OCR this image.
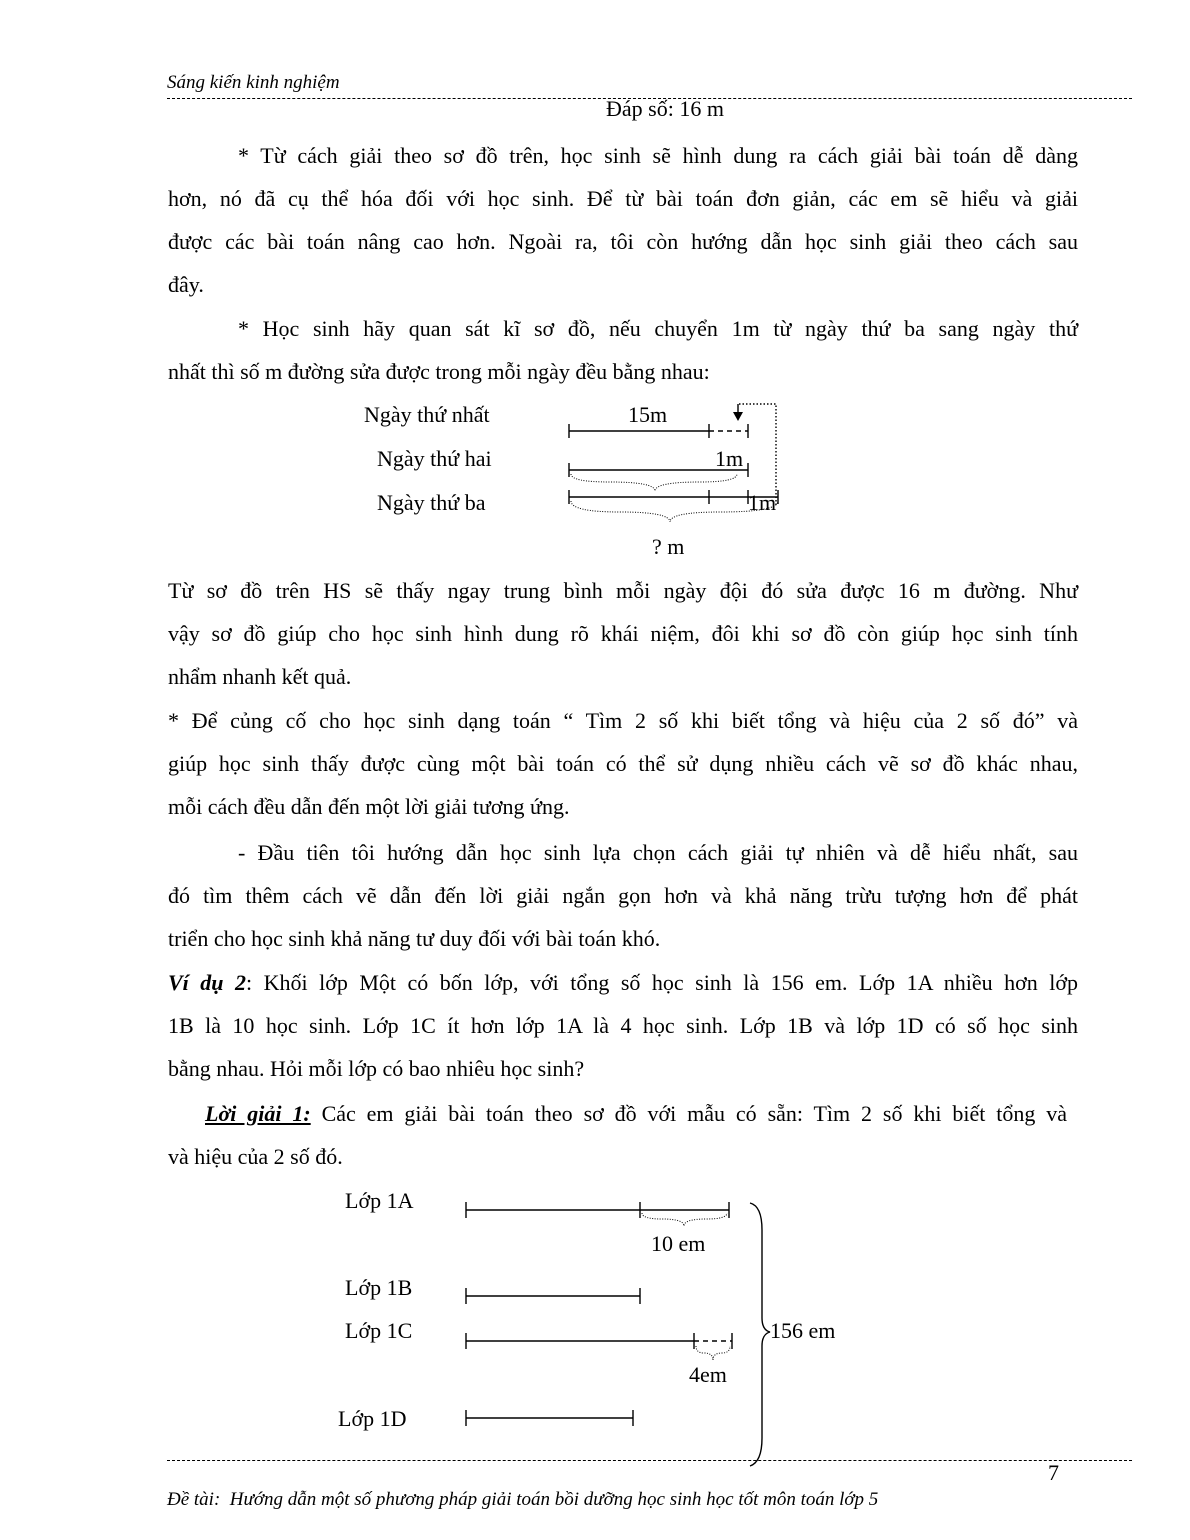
Sáng kiến kinh nghiệm
Đáp số: 16 m
* Từ cách giải theo sơ đồ trên, học sinh sẽ hình dung ra cách giải bài toán dễ dàng
hơn, nó đã cụ thể hóa đối với học sinh. Để từ bài toán đơn giản, các em sẽ hiểu và giải
được các bài toán nâng cao hơn. Ngoài ra, tôi còn hướng dẫn học sinh giải theo cách sau
đây.
* Học sinh hãy quan sát kĩ sơ đồ, nếu chuyển 1m từ ngày thứ ba sang ngày thứ
nhất thì số m đường sửa được trong mỗi ngày đều bằng nhau:
Ngày thứ nhất
Ngày thứ hai
Ngày thứ ba
15m
1m
1m
? m
Từ sơ đồ trên HS sẽ thấy ngay trung bình mỗi ngày đội đó sửa được 16 m đường. Như
vậy sơ đồ giúp cho học sinh hình dung rõ khái niệm, đôi khi sơ đồ còn giúp học sinh tính
nhẩm nhanh kết quả.
* Để củng cố cho học sinh dạng toán “ Tìm 2 số khi biết tổng và hiệu của 2 số đó” và
giúp học sinh thấy được cùng một bài toán có thể sử dụng nhiều cách vẽ sơ đồ khác nhau,
mỗi cách đều dẫn đến một lời giải tương ứng.
- Đầu tiên tôi hướng dẫn học sinh lựa chọn cách giải tự nhiên và dễ hiểu nhất, sau
đó tìm thêm cách vẽ dẫn đến lời giải ngắn gọn hơn và khả năng trừu tượng hơn để phát
triển cho học sinh khả năng tư duy đối với bài toán khó.
Ví dụ 2: Khối lớp Một có bốn lớp, với tổng số học sinh là 156 em. Lớp 1A nhiều hơn lớp
1B là 10 học sinh. Lớp 1C ít hơn lớp 1A là 4 học sinh. Lớp 1B và lớp 1D có số học sinh
bằng nhau. Hỏi mỗi lớp có bao nhiêu học sinh?
Lời giải 1: Các em giải bài toán theo sơ đồ với mẫu có sẵn: Tìm 2 số khi biết tổng và
và hiệu của 2 số đó.
Lớp 1A
Lớp 1B
Lớp 1C
Lớp 1D
10 em
4em
156 em
7
Đề tài: Hướng dẫn một số phương pháp giải toán bồi dưỡng học sinh học tốt môn toán lớp 5
